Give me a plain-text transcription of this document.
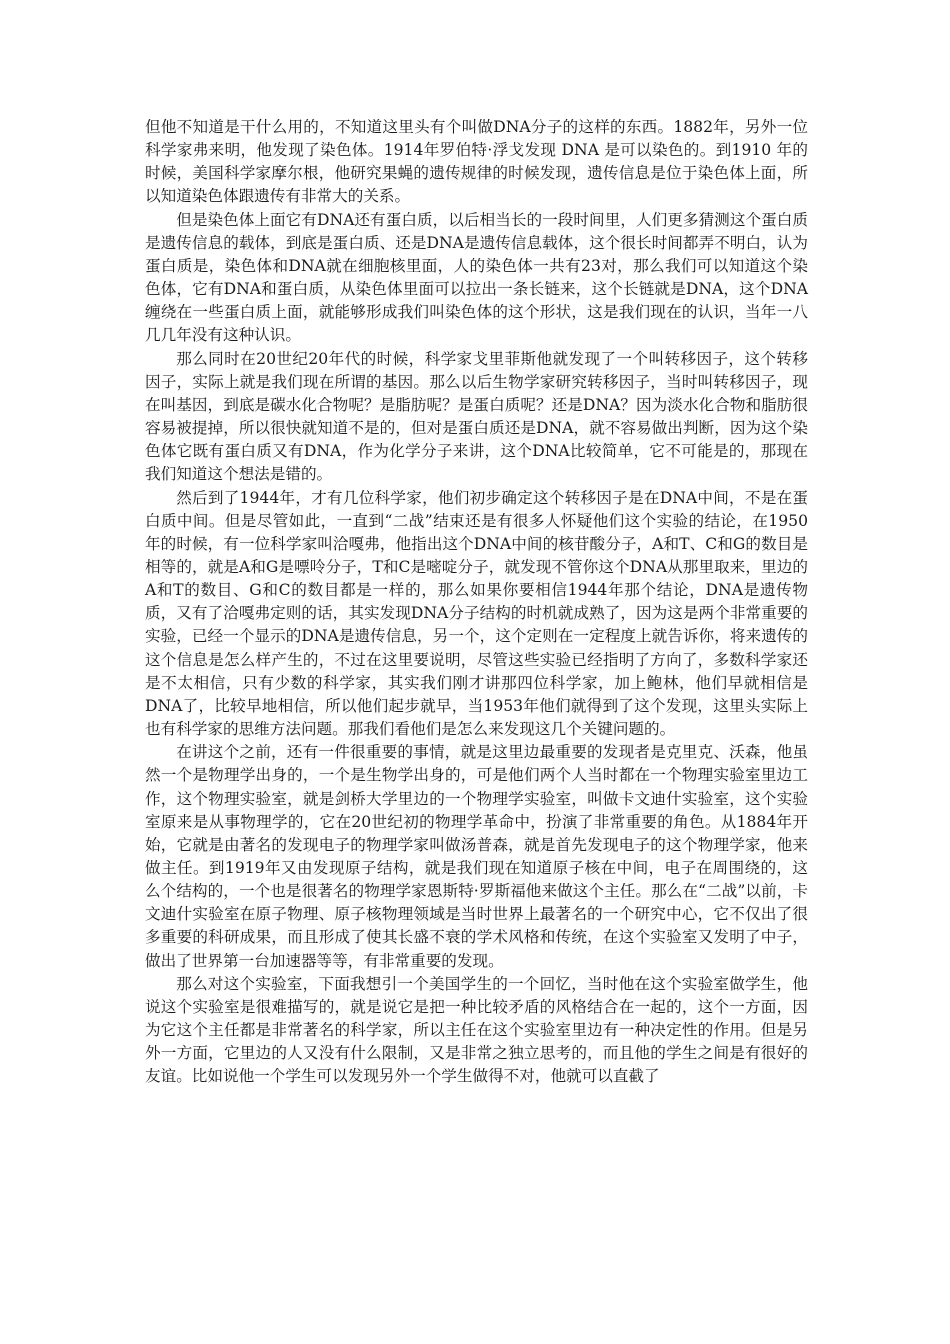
但他不知道是干什么用的，不知道这里头有个叫做DNA分子的这样的东西。1882年，另外一位科学家弗来明，他发现了染色体。1914年罗伯特·浮戈发现 DNA 是可以染色的。到1910 年的时候，美国科学家摩尔根，他研究果蝇的遗传规律的时候发现，遗传信息是位于染色体上面，所以知道染色体跟遗传有非常大的关系。

但是染色体上面它有DNA还有蛋白质，以后相当长的一段时间里，人们更多猜测这个蛋白质是遗传信息的载体，到底是蛋白质、还是DNA是遗传信息载体，这个很长时间都弄不明白，认为蛋白质是，染色体和DNA就在细胞核里面，人的染色体一共有23对，那么我们可以知道这个染色体，它有DNA和蛋白质，从染色体里面可以拉出一条长链来，这个长链就是DNA，这个DNA缠绕在一些蛋白质上面，就能够形成我们叫染色体的这个形状，这是我们现在的认识，当年一八几几年没有这种认识。

那么同时在20世纪20年代的时候，科学家戈里菲斯他就发现了一个叫转移因子，这个转移因子，实际上就是我们现在所谓的基因。那么以后生物学家研究转移因子，当时叫转移因子，现在叫基因，到底是碳水化合物呢？是脂肪呢？是蛋白质呢？还是DNA？因为淡水化合物和脂肪很容易被提掉，所以很快就知道不是的，但对是蛋白质还是DNA，就不容易做出判断，因为这个染色体它既有蛋白质又有DNA，作为化学分子来讲，这个DNA比较简单，它不可能是的，那现在我们知道这个想法是错的。

然后到了1944年，才有几位科学家，他们初步确定这个转移因子是在DNA中间，不是在蛋白质中间。但是尽管如此，一直到“二战”结束还是有很多人怀疑他们这个实验的结论，在1950年的时候，有一位科学家叫洽嘎弗，他指出这个DNA中间的核苷酸分子，A和T、C和G的数目是相等的，就是A和G是嘌呤分子，T和C是嘧啶分子，就发现不管你这个DNA从那里取来，里边的A和T的数目、G和C的数目都是一样的，那么如果你要相信1944年那个结论，DNA是遗传物质，又有了洽嘎弗定则的话，其实发现DNA分子结构的时机就成熟了，因为这是两个非常重要的实验，已经一个显示的DNA是遗传信息，另一个，这个定则在一定程度上就告诉你，将来遗传的这个信息是怎么样产生的，不过在这里要说明，尽管这些实验已经指明了方向了，多数科学家还是不太相信，只有少数的科学家，其实我们刚才讲那四位科学家，加上鲍林，他们早就相信是DNA了，比较早地相信，所以他们起步就早，当1953年他们就得到了这个发现，这里头实际上也有科学家的思维方法问题。那我们看他们是怎么来发现这几个关键问题的。

在讲这个之前，还有一件很重要的事情，就是这里边最重要的发现者是克里克、沃森，他虽然一个是物理学出身的，一个是生物学出身的，可是他们两个人当时都在一个物理实验室里边工作，这个物理实验室，就是剑桥大学里边的一个物理学实验室，叫做卡文迪什实验室，这个实验室原来是从事物理学的，它在20世纪初的物理学革命中，扮演了非常重要的角色。从1884年开始，它就是由著名的发现电子的物理学家叫做汤普森，就是首先发现电子的这个物理学家，他来做主任。到1919年又由发现原子结构，就是我们现在知道原子核在中间，电子在周围绕的，这么个结构的，一个也是很著名的物理学家恩斯特·罗斯福他来做这个主任。那么在“二战”以前，卡文迪什实验室在原子物理、原子核物理领域是当时世界上最著名的一个研究中心，它不仅出了很多重要的科研成果，而且形成了使其长盛不衰的学术风格和传统，在这个实验室又发明了中子，做出了世界第一台加速器等等，有非常重要的发现。

那么对这个实验室，下面我想引一个美国学生的一个回忆，当时他在这个实验室做学生，他说这个实验室是很难描写的，就是说它是把一种比较矛盾的风格结合在一起的，这个一方面，因为它这个主任都是非常著名的科学家，所以主任在这个实验室里边有一种决定性的作用。但是另外一方面，它里边的人又没有什么限制，又是非常之独立思考的，而且他的学生之间是有很好的友谊。比如说他一个学生可以发现另外一个学生做得不对，他就可以直截了
